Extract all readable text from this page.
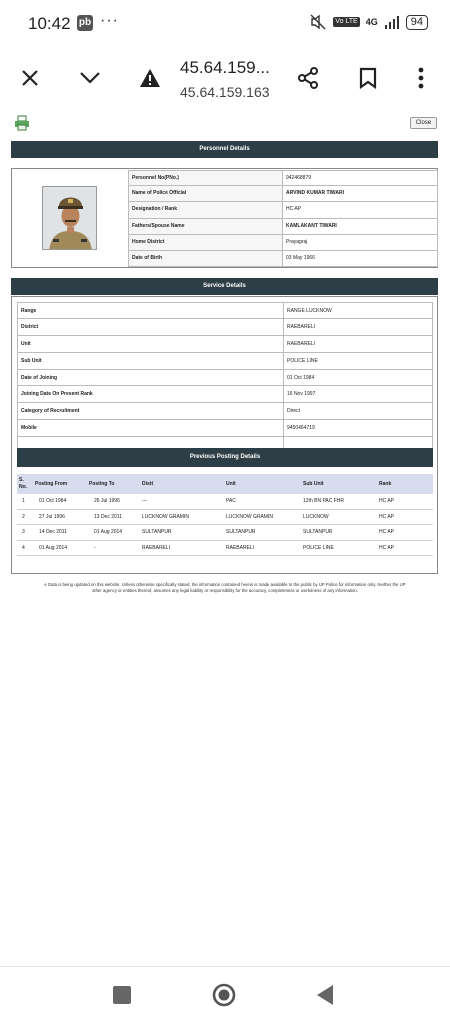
10:42 pb ···	Vo LTE 4G	94
45.64.159...
45.64.159.163
Close
Personnel Details
Personnel No(PNo.)	942468879
Name of Police Official	ARVIND KUMAR TIWARI
Designation / Rank	HC AP
Fathers/Spouse Name	KAMLAKANT TIWARI
Home District	Prayagraj
Date of Birth	03 May 1966
Service Details
Range	RANGE LUCKNOW
District	RAEBARELI
Unit	RAEBARELI
Sub Unit	POLICE LINE
Date of Joining	01 Oct 1984
Joining Date On Present Rank	16 Nov 1997
Category of Recruitment	Direct
Mobile	9450464719
Previous Posting Details
S.
No.	Posting From	Posting To	Distt	Unit	Sub Unit	Rank
1	01 Oct 1984	26 Jul 1996	---	PAC	12th BN PAC FHR	HC AP
2	27 Jul 1996	13 Dec 2011	LUCKNOW GRAMIN	LUCKNOW GRAMIN	LUCKNOW	HC AP
3	14 Dec 2011	01 Aug 2014	SULTANPUR	SULTANPUR	SULTANPUR	HC AP
4	01 Aug 2014	-	RAEBARELI	RAEBARELI	POLICE LINE	HC AP
e Data is being updated on this website. Unless otherwise specifically stated, the information contained herein is made available to the public by UP Police for information only. Neither the UP
other agency or entities thereof, assumes any legal liability or responsibility for the accuracy, completeness or usefulness of any information.
